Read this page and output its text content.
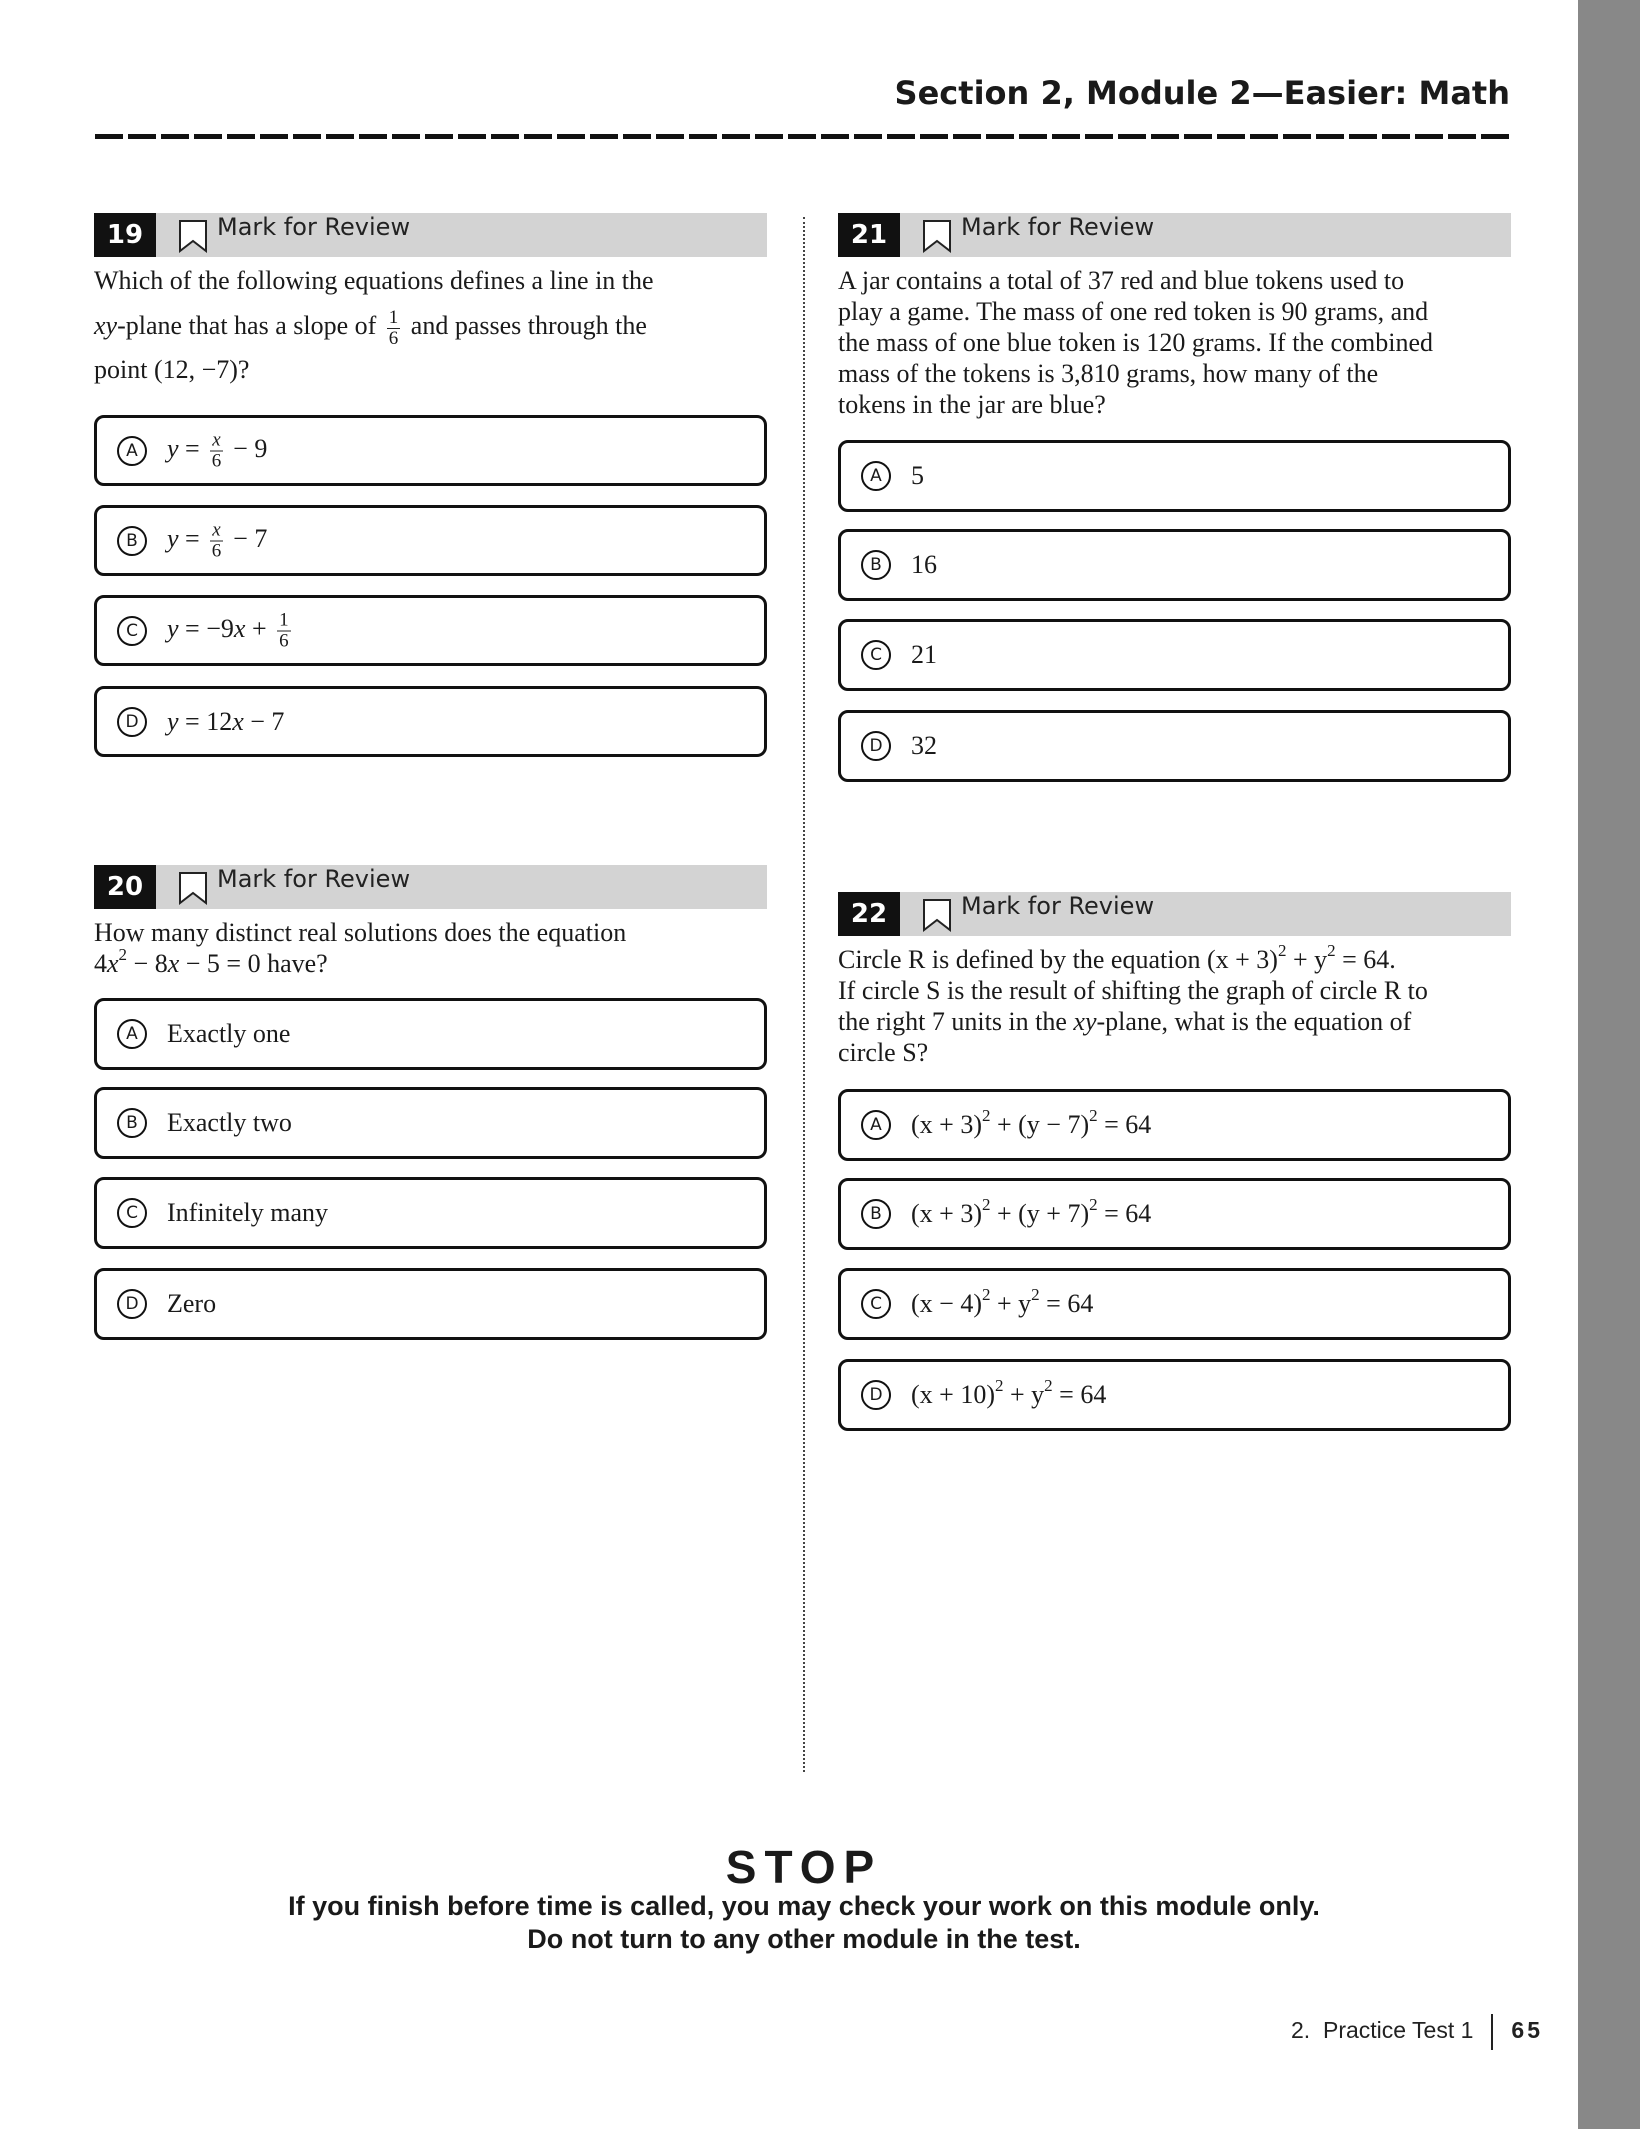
Section 2, Module 2—Easier: Math
19	Mark for Review
Which of the following equations defines a line in the
xy-plane that has a slope of $\frac{1}{6}$ and passes through the
point (12, −7)?
A	$y = \frac{x}{6} - 9$
B	$y = \frac{x}{6} - 7$
C	$y = -9x + \frac{1}{6}$
D	y = 12x − 7
20	Mark for Review
How many distinct real solutions does the equation
$4x^2 - 8x - 5 = 0$ have?
A	Exactly one
B	Exactly two
C	Infinitely many
D	Zero
21	Mark for Review
A jar contains a total of 37 red and blue tokens used to
play a game. The mass of one red token is 90 grams, and
the mass of one blue token is 120 grams. If the combined
mass of the tokens is 3,810 grams, how many of the
tokens in the jar are blue?
A	5
B	16
C	21
D	32
22	Mark for Review
Circle R is defined by the equation $(x + 3)^2 + y^2 = 64$.
If circle S is the result of shifting the graph of circle R to
the right 7 units in the xy-plane, what is the equation of
circle S?
A	$(x + 3)^2 + (y - 7)^2 = 64$
B	$(x + 3)^2 + (y + 7)^2 = 64$
C	$(x - 4)^2 + y^2 = 64$
D	$(x + 10)^2 + y^2 = 64$
STOP
If you finish before time is called, you may check your work on this module only.
Do not turn to any other module in the test.
2.  Practice Test 1 65
